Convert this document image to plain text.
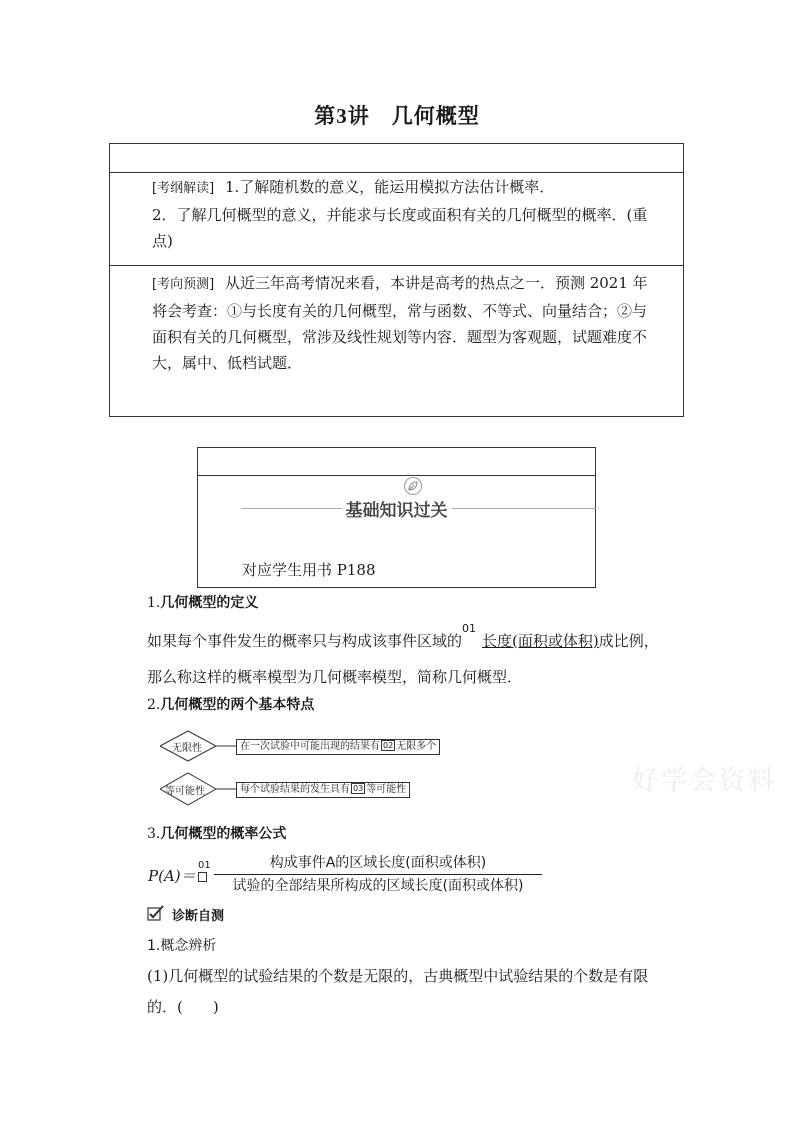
第3讲　几何概型

[考纲解读] 1.了解随机数的意义，能运用模拟方法估计概率．

2．了解几何概型的意义，并能求与长度或面积有关的几何概型的概率．(重

点)

[考向预测] 从近三年高考情况来看，本讲是高考的热点之一．预测 2021 年

将会考查：①与长度有关的几何概型，常与函数、不等式、向量结合；②与

面积有关的几何概型，常涉及线性规划等内容．题型为客观题，试题难度不

大，属中、低档试题．

基础知识过关
对应学生用书 P188
1.几何概型的定义
如果每个事件发生的概率只与构成该事件区域的
01
长度(面积或体积)成比例，
那么称这样的概率模型为几何概率模型，简称几何概型．
2.几何概型的两个基本特点
无限性
等可能性
在一次试验中可能出现的结果有 02 无限多个
每个试验结果的发生具有 03 等可能性
3.几何概型的概率公式
P(A)＝
01	构成事件A的区域长度(面积或体积)
试验的全部结果所构成的区域长度(面积或体积)
诊断自测
1.概念辨析
(1)几何概型的试验结果的个数是无限的，古典概型中试验结果的个数是有限
的．(　　)
好学会资料
